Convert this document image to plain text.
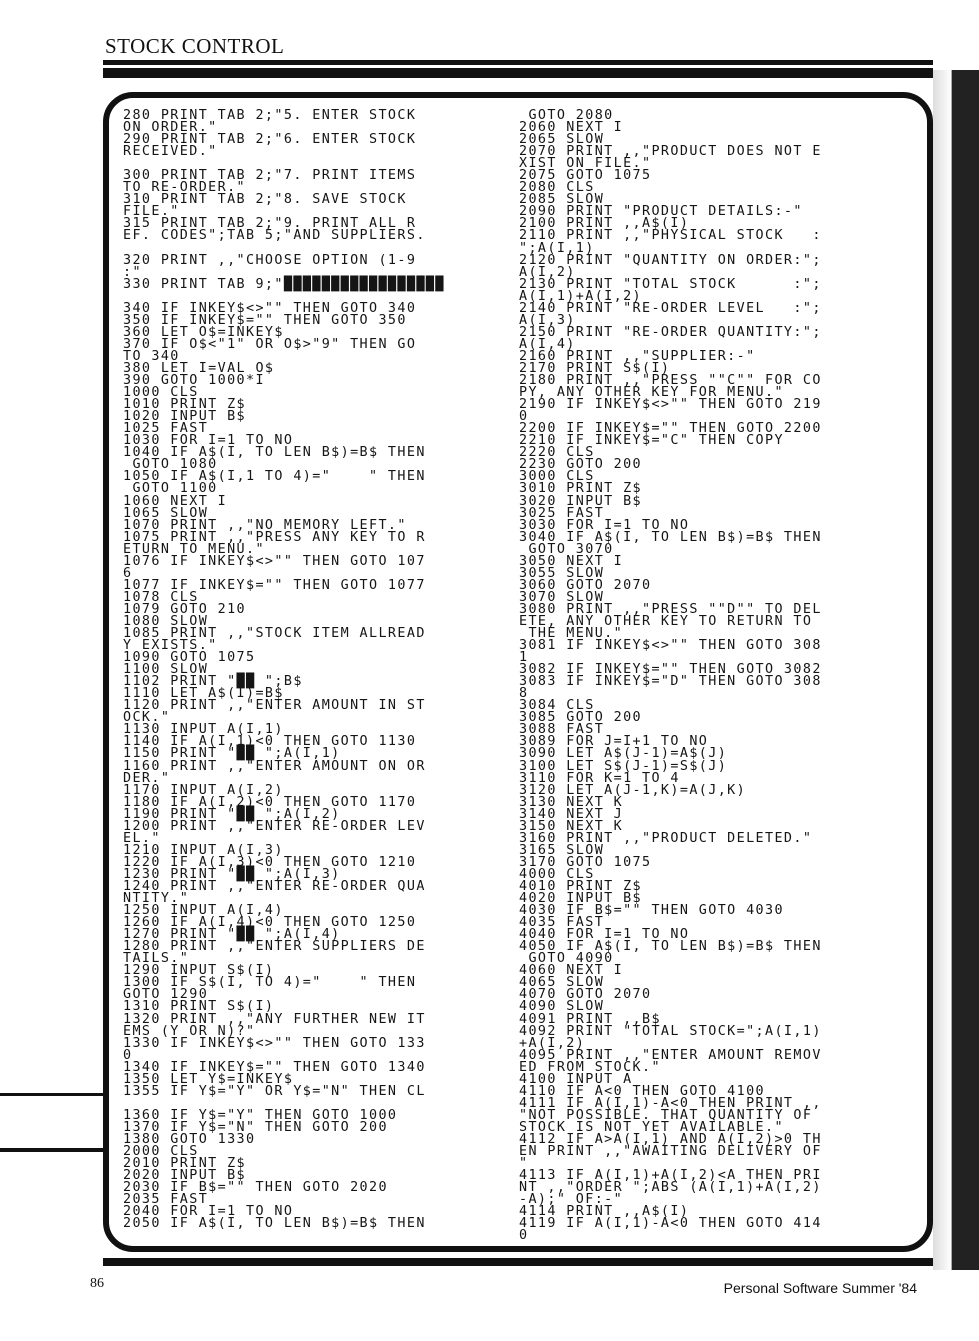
STOCK CONTROL
280 PRINT TAB 2;"5. ENTER STOCK
ON ORDER."
290 PRINT TAB 2;"6. ENTER STOCK
RECEIVED."

300 PRINT TAB 2;"7. PRINT ITEMS
TO RE-ORDER."
310 PRINT TAB 2;"8. SAVE STOCK
FILE."
315 PRINT TAB 2;"9. PRINT ALL R
EF. CODES";TAB 5;"AND SUPPLIERS.

320 PRINT ,,"CHOOSE OPTION (1-9
:"
330 PRINT TAB 9;"█████████████████

340 IF INKEY$<>"" THEN GOTO 340
350 IF INKEY$="" THEN GOTO 350
360 LET O$=INKEY$
370 IF O$<"1" OR O$>"9" THEN GO
TO 340
380 LET I=VAL O$
390 GOTO 1000*I
1000 CLS
1010 PRINT Z$
1020 INPUT B$
1025 FAST
1030 FOR I=1 TO NO
1040 IF A$(I, TO LEN B$)=B$ THEN
GOTO 1080
1050 IF A$(I,1 TO 4)="    " THEN
GOTO 1100
1060 NEXT I
1065 SLOW
1070 PRINT ,,"NO MEMORY LEFT."
1075 PRINT ,,"PRESS ANY KEY TO R
ETURN TO MENU."
1076 IF INKEY$<>"" THEN GOTO 107
6
1077 IF INKEY$="" THEN GOTO 1077
1078 CLS
1079 GOTO 210
1080 SLOW
1085 PRINT ,,"STOCK ITEM ALLREAD
Y EXISTS."
1090 GOTO 1075
1100 SLOW
1102 PRINT "██ ";B$
1110 LET A$(I)=B$
1120 PRINT ,,"ENTER AMOUNT IN ST
OCK."
1130 INPUT A(I,1)
1140 IF A(I,1)<0 THEN GOTO 1130
1150 PRINT "██ ";A(I,1)
1160 PRINT ,,"ENTER AMOUNT ON OR
DER."
1170 INPUT A(I,2)
1180 IF A(I,2)<0 THEN GOTO 1170
1190 PRINT "██ ";A(I,2)
1200 PRINT ,,"ENTER RE-ORDER LEV
EL."
1210 INPUT A(I,3)
1220 IF A(I,3)<0 THEN GOTO 1210
1230 PRINT "██ ";A(I,3)
1240 PRINT ,,"ENTER RE-ORDER QUA
NTITY."
1250 INPUT A(I,4)
1260 IF A(I,4)<0 THEN GOTO 1250
1270 PRINT "██ ";A(I,4)
1280 PRINT ,,"ENTER SUPPLIERS DE
TAILS."
1290 INPUT S$(I)
1300 IF S$(I, TO 4)="    " THEN
GOTO 1290
1310 PRINT S$(I)
1320 PRINT ,,"ANY FURTHER NEW IT
EMS (Y OR N)?"
1330 IF INKEY$<>"" THEN GOTO 133
0
1340 IF INKEY$="" THEN GOTO 1340
1350 LET Y$=INKEY$
1355 IF Y$="Y" OR Y$="N" THEN CL

1360 IF Y$="Y" THEN GOTO 1000
1370 IF Y$="N" THEN GOTO 200
1380 GOTO 1330
2000 CLS
2010 PRINT Z$
2020 INPUT B$
2030 IF B$="" THEN GOTO 2020
2035 FAST
2040 FOR I=1 TO NO
2050 IF A$(I, TO LEN B$)=B$ THEN
GOTO 2080
2060 NEXT I
2065 SLOW
2070 PRINT ,,"PRODUCT DOES NOT E
XIST ON FILE."
2075 GOTO 1075
2080 CLS
2085 SLOW
2090 PRINT "PRODUCT DETAILS:-"
2100 PRINT ,,A$(I)
2110 PRINT ,,"PHYSICAL STOCK   :
";A(I,1)
2120 PRINT "QUANTITY ON ORDER:";
A(I,2)
2130 PRINT "TOTAL STOCK      :";
A(I,1)+A(I,2)
2140 PRINT "RE-ORDER LEVEL   :";
A(I,3)
2150 PRINT "RE-ORDER QUANTITY:";
A(I,4)
2160 PRINT ,,"SUPPLIER:-"
2170 PRINT S$(I)
2180 PRINT ,,"PRESS ""C"" FOR CO
PY, ANY OTHER KEY FOR MENU."
2190 IF INKEY$<>"" THEN GOTO 219
0
2200 IF INKEY$="" THEN GOTO 2200
2210 IF INKEY$="C" THEN COPY
2220 CLS
2230 GOTO 200
3000 CLS
3010 PRINT Z$
3020 INPUT B$
3025 FAST
3030 FOR I=1 TO NO
3040 IF A$(I, TO LEN B$)=B$ THEN
GOTO 3070
3050 NEXT I
3055 SLOW
3060 GOTO 2070
3070 SLOW
3080 PRINT ,,"PRESS ""D"" TO DEL
ETE, ANY OTHER KEY TO RETURN TO
THE MENU."
3081 IF INKEY$<>"" THEN GOTO 308
1
3082 IF INKEY$="" THEN GOTO 3082
3083 IF INKEY$="D" THEN GOTO 308
8
3084 CLS
3085 GOTO 200
3088 FAST
3089 FOR J=I+1 TO NO
3090 LET A$(J-1)=A$(J)
3100 LET S$(J-1)=S$(J)
3110 FOR K=1 TO 4
3120 LET A(J-1,K)=A(J,K)
3130 NEXT K
3140 NEXT J
3150 NEXT K
3160 PRINT ,,"PRODUCT DELETED."
3165 SLOW
3170 GOTO 1075
4000 CLS
4010 PRINT Z$
4020 INPUT B$
4030 IF B$="" THEN GOTO 4030
4035 FAST
4040 FOR I=1 TO NO
4050 IF A$(I, TO LEN B$)=B$ THEN
GOTO 4090
4060 NEXT I
4065 SLOW
4070 GOTO 2070
4090 SLOW
4091 PRINT ,,B$
4092 PRINT "TOTAL STOCK=";A(I,1)
+A(I,2)
4095 PRINT ,,"ENTER AMOUNT REMOV
ED FROM STOCK."
4100 INPUT A
4110 IF A<0 THEN GOTO 4100
4111 IF A(I,1)-A<0 THEN PRINT ,,
"NOT POSSIBLE. THAT QUANTITY OF
STOCK IS NOT YET AVAILABLE."
4112 IF A>A(I,1) AND A(I,2)>0 TH
EN PRINT ,,"AWAITING DELIVERY OF
"
4113 IF A(I,1)+A(I,2)<A THEN PRI
NT ,,"ORDER ";ABS (A(I,1)+A(I,2)
-A);" OF:-"
4114 PRINT ,,A$(I)
4119 IF A(I,1)-A<0 THEN GOTO 414
0
86	Personal Software Summer '84
